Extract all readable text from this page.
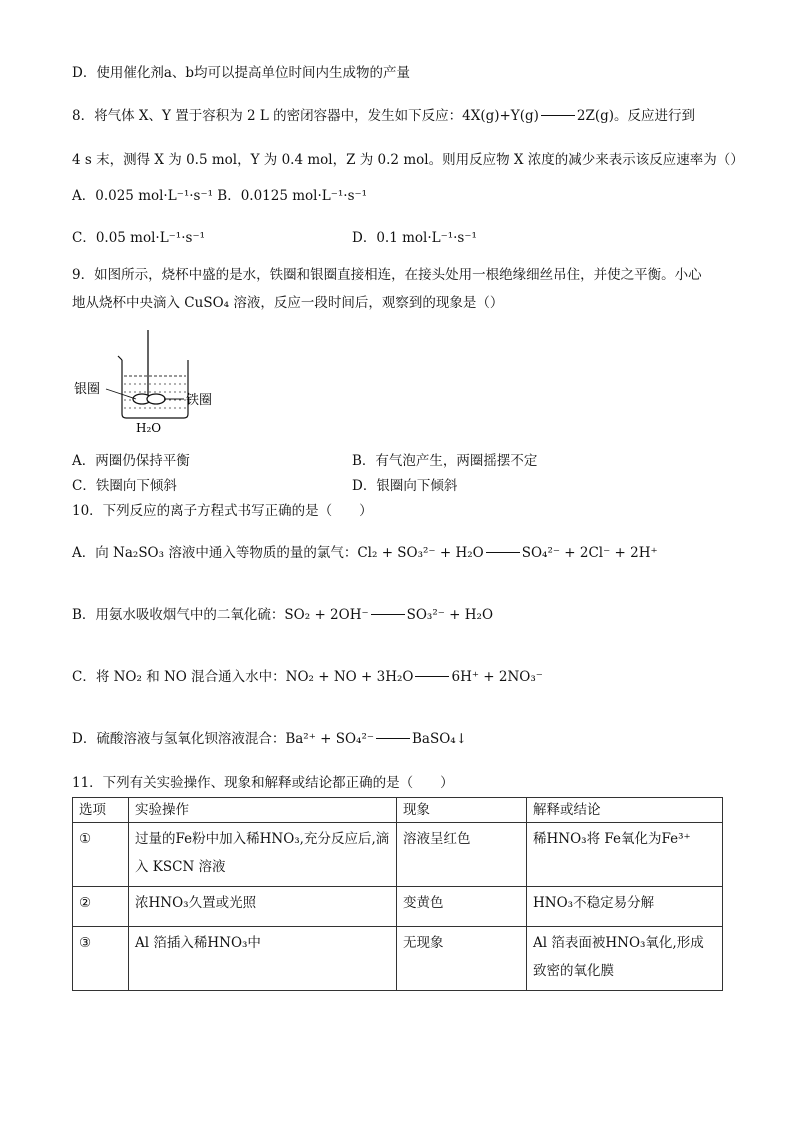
D．使用催化剂a、b均可以提高单位时间内生成物的产量
8．将气体 X、Y 置于容积为 2 L 的密闭容器中，发生如下反应：4X(g)+Y(g)	2Z(g)。反应进行到
4 s 末，测得 X 为 0.5 mol，Y 为 0.4 mol，Z 为 0.2 mol。则用反应物 X 浓度的减少来表示该反应速率为（）
A．0.025 mol·L⁻¹·s⁻¹ B．0.0125 mol·L⁻¹·s⁻¹
C．0.05 mol·L⁻¹·s⁻¹	D．0.1 mol·L⁻¹·s⁻¹
9．如图所示，烧杯中盛的是水，铁圈和银圈直接相连，在接头处用一根绝缘细丝吊住，并使之平衡。小心
地从烧杯中央滴入 CuSO₄ 溶液，反应一段时间后，观察到的现象是（）
银圈
铁圈
H₂O
A．两圈仍保持平衡	B．有气泡产生，两圈摇摆不定
C．铁圈向下倾斜	D．银圈向下倾斜
10．下列反应的离子方程式书写正确的是（　　）
A．向 Na₂SO₃ 溶液中通入等物质的量的氯气：Cl₂ + SO₃²⁻ + H₂O	SO₄²⁻ + 2Cl⁻ + 2H⁺
B．用氨水吸收烟气中的二氧化硫：SO₂ + 2OH⁻	SO₃²⁻ + H₂O
C．将 NO₂ 和 NO 混合通入水中：NO₂ + NO + 3H₂O	6H⁺ + 2NO₃⁻
D．硫酸溶液与氢氧化钡溶液混合：Ba²⁺ + SO₄²⁻	BaSO₄↓
11．下列有关实验操作、现象和解释或结论都正确的是（　　）
选项	实验操作	现象	解释或结论
①	过量的Fe粉中加入稀HNO₃,充分反应后,滴入 KSCN 溶液	溶液呈红色	稀HNO₃将 Fe氧化为Fe³⁺
②	浓HNO₃久置或光照	变黄色	HNO₃不稳定易分解
③	Al 箔插入稀HNO₃中	无现象	Al 箔表面被HNO₃氧化,形成致密的氧化膜
